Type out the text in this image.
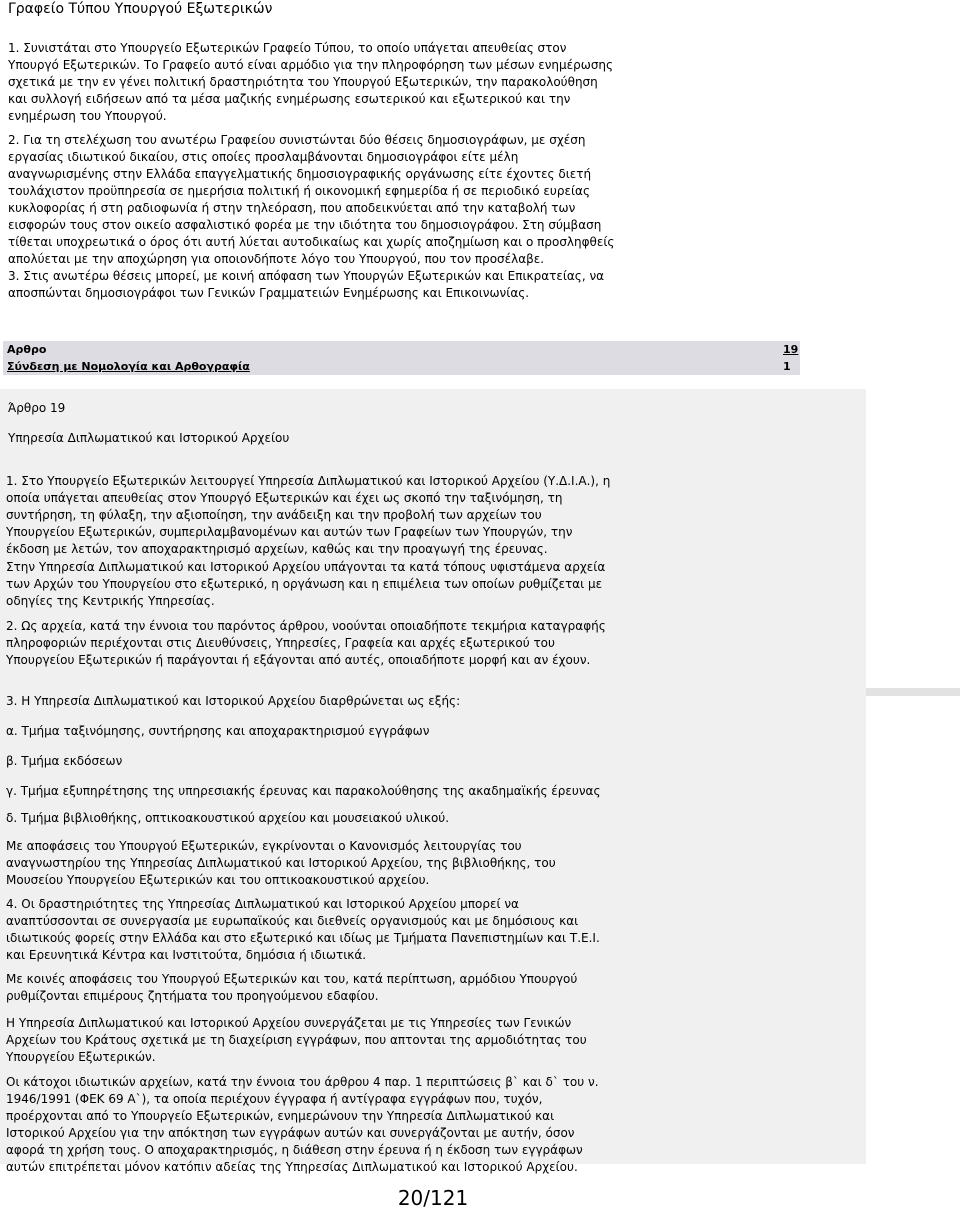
Γραφείο Τύπου Υπουργού Εξωτερικών

1. Συνιστάται στο Υπουργείο Εξωτερικών Γραφείο Τύπου, το οποίο υπάγεται απευθείας στον Υπουργό Εξωτερικών. Το Γραφείο αυτό είναι αρμόδιο για την πληροφόρηση των μέσων ενημέρωσης σχετικά με την εν γένει πολιτική δραστηριότητα του Υπουργού Εξωτερικών, την παρακολούθηση και συλλογή ειδήσεων από τα μέσα μαζικής ενημέρωσης εσωτερικού και εξωτερικού και την ενημέρωση του Υπουργού.

2. Για τη στελέχωση του ανωτέρω Γραφείου συνιστώνται δύο θέσεις δημοσιογράφων, με σχέση εργασίας ιδιωτικού δικαίου, στις οποίες προσλαμβάνονται δημοσιογράφοι είτε μέλη αναγνωρισμένης στην Ελλάδα επαγγελματικής δημοσιογραφικής οργάνωσης είτε έχοντες διετή τουλάχιστον προϋπηρεσία σε ημερήσια πολιτική ή οικονομική εφημερίδα ή σε περιοδικό ευρείας κυκλοφορίας ή στη ραδιοφωνία ή στην τηλεόραση, που αποδεικνύεται από την καταβολή των εισφορών τους στον οικείο ασφαλιστικό φορέα με την ιδιότητα του δημοσιογράφου. Στη σύμβαση τίθεται υποχρεωτικά ο όρος ότι αυτή λύεται αυτοδικαίως και χωρίς αποζημίωση και ο προσληφθείς απολύεται με την αποχώρηση για οποιονδήποτε λόγο του Υπουργού, που τον προσέλαβε.

3. Στις ανωτέρω θέσεις μπορεί, με κοινή απόφαση των Υπουργών Εξωτερικών και Επικρατείας, να αποσπώνται δημοσιογράφοι των Γενικών Γραμματειών Ενημέρωσης και Επικοινωνίας.

Αρθρο	19
Σύνδεση με Νομολογία και Αρθογραφία	1
Άρθρο 19
Υπηρεσία Διπλωματικού και Ιστορικού Αρχείου

1. Στο Υπουργείο Εξωτερικών λειτουργεί Υπηρεσία Διπλωματικού και Ιστορικού Αρχείου (Υ.Δ.Ι.Α.), η οποία υπάγεται απευθείας στον Υπουργό Εξωτερικών και έχει ως σκοπό την ταξινόμηση, τη συντήρηση, τη φύλαξη, την αξιοποίηση, την ανάδειξη και την προβολή των αρχείων του Υπουργείου Εξωτερικών, συμπεριλαμβανομένων και αυτών των Γραφείων των Υπουργών, την έκδοση με λετών, τον αποχαρακτηρισμό αρχείων, καθώς και την προαγωγή της έρευνας.

Στην Υπηρεσία Διπλωματικού και Ιστορικού Αρχείου υπάγονται τα κατά τόπους υφιστάμενα αρχεία των Αρχών του Υπουργείου στο εξωτερικό, η οργάνωση και η επιμέλεια των οποίων ρυθμίζεται με οδηγίες της Κεντρικής Υπηρεσίας.

2. Ως αρχεία, κατά την έννοια του παρόντος άρθρου, νοούνται οποιαδήποτε τεκμήρια καταγραφής πληροφοριών περιέχονται στις Διευθύνσεις, Υπηρεσίες, Γραφεία και αρχές εξωτερικού του Υπουργείου Εξωτερικών ή παράγονται ή εξάγονται από αυτές, οποιαδήποτε μορφή και αν έχουν.

3. Η Υπηρεσία Διπλωματικού και Ιστορικού Αρχείου διαρθρώνεται ως εξής:

α. Τμήμα ταξινόμησης, συντήρησης και αποχαρακτηρισμού εγγράφων

β. Τμήμα εκδόσεων

γ. Τμήμα εξυπηρέτησης της υπηρεσιακής έρευνας και παρακολούθησης της ακαδημαϊκής έρευνας

δ. Τμήμα βιβλιοθήκης, οπτικοακουστικού αρχείου και μουσειακού υλικού.

Με αποφάσεις του Υπουργού Εξωτερικών, εγκρίνονται ο Κανονισμός λειτουργίας του αναγνωστηρίου της Υπηρεσίας Διπλωματικού και Ιστορικού Αρχείου, της βιβλιοθήκης, του Μουσείου Υπουργείου Εξωτερικών και του οπτικοακουστικού αρχείου.

4. Οι δραστηριότητες της Υπηρεσίας Διπλωματικού και Ιστορικού Αρχείου μπορεί να αναπτύσσονται σε συνεργασία με ευρωπαϊκούς και διεθνείς οργανισμούς και με δημόσιους και ιδιωτικούς φορείς στην Ελλάδα και στο εξωτερικό και ιδίως με Τμήματα Πανεπιστημίων και Τ.Ε.Ι. και Ερευνητικά Κέντρα και Ινστιτούτα, δημόσια ή ιδιωτικά.

Με κοινές αποφάσεις του Υπουργού Εξωτερικών και του, κατά περίπτωση, αρμόδιου Υπουργού ρυθμίζονται επιμέρους ζητήματα του προηγούμενου εδαφίου.

Η Υπηρεσία Διπλωματικού και Ιστορικού Αρχείου συνεργάζεται με τις Υπηρεσίες των Γενικών Αρχείων του Κράτους σχετικά με τη διαχείριση εγγράφων, που απτονται της αρμοδιότητας του Υπουργείου Εξωτερικών.

Οι κάτοχοι ιδιωτικών αρχείων, κατά την έννοια του άρθρου 4 παρ. 1 περιπτώσεις β` και δ` του ν. 1946/1991 (ΦΕΚ 69 Α`), τα οποία περιέχουν έγγραφα ή αντίγραφα εγγράφων που, τυχόν, προέρχονται από το Υπουργείο Εξωτερικών, ενημερώνουν την Υπηρεσία Διπλωματικού και Ιστορικού Αρχείου για την απόκτηση των εγγράφων αυτών και συνεργάζονται με αυτήν, όσον αφορά τη χρήση τους. Ο αποχαρακτηρισμός, η διάθεση στην έρευνα ή η έκδοση των εγγράφων αυτών επιτρέπεται μόνον κατόπιν αδείας της Υπηρεσίας Διπλωματικού και Ιστορικού Αρχείου.

20/121
